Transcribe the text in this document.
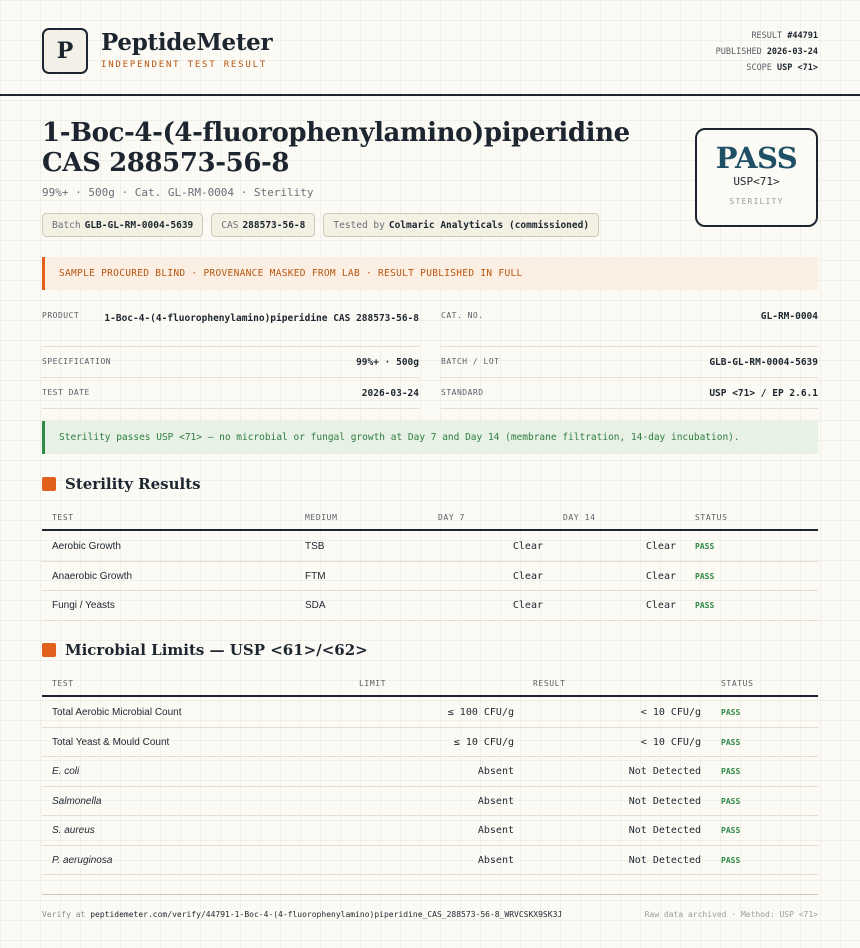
P	PeptideMeter
INDEPENDENT TEST RESULT
RESULT #44791
PUBLISHED 2026-03-24
SCOPE USP <71>
1-Boc-4-(4-fluorophenylamino)piperidine CAS 288573-56-8
99%+ · 500g · Cat. GL-RM-0004 · Sterility
Batch GLB-GL-RM-0004-5639	CAS 288573-56-8	Tested by Colmaric Analyticals (commissioned)
PASS
USP<71>
STERILITY
SAMPLE PROCURED BLIND · PROVENANCE MASKED FROM LAB · RESULT PUBLISHED IN FULL
PRODUCT	1-Boc-4-(4-fluorophenylamino)piperidine CAS 288573-56-8	CAT. NO.	GL-RM-0004
SPECIFICATION	99%+ · 500g	BATCH / LOT	GLB-GL-RM-0004-5639
TEST DATE	2026-03-24	STANDARD	USP <71> / EP 2.6.1
Sterility passes USP <71> — no microbial or fungal growth at Day 7 and Day 14 (membrane filtration, 14-day incubation).
Sterility Results
TEST	MEDIUM	DAY 7	DAY 14	STATUS
Aerobic Growth	TSB	Clear	Clear PASS
Anaerobic Growth	FTM	Clear	Clear PASS
Fungi / Yeasts	SDA	Clear	Clear PASS
Microbial Limits — USP <61>/<62>
TEST	LIMIT	RESULT	STATUS
Total Aerobic Microbial Count	≤ 100 CFU/g	< 10 CFU/g	PASS
Total Yeast & Mould Count	≤ 10 CFU/g	< 10 CFU/g	PASS
E. coli	Absent	Not Detected	PASS
Salmonella	Absent	Not Detected	PASS
S. aureus	Absent	Not Detected	PASS
P. aeruginosa	Absent	Not Detected	PASS
Verify at peptidemeter.com/verify/44791-1-Boc-4-(4-fluorophenylamino)piperidine_CAS_288573-56-8_WRVCSKX9SK3J	Raw data archived · Method: USP <71>
